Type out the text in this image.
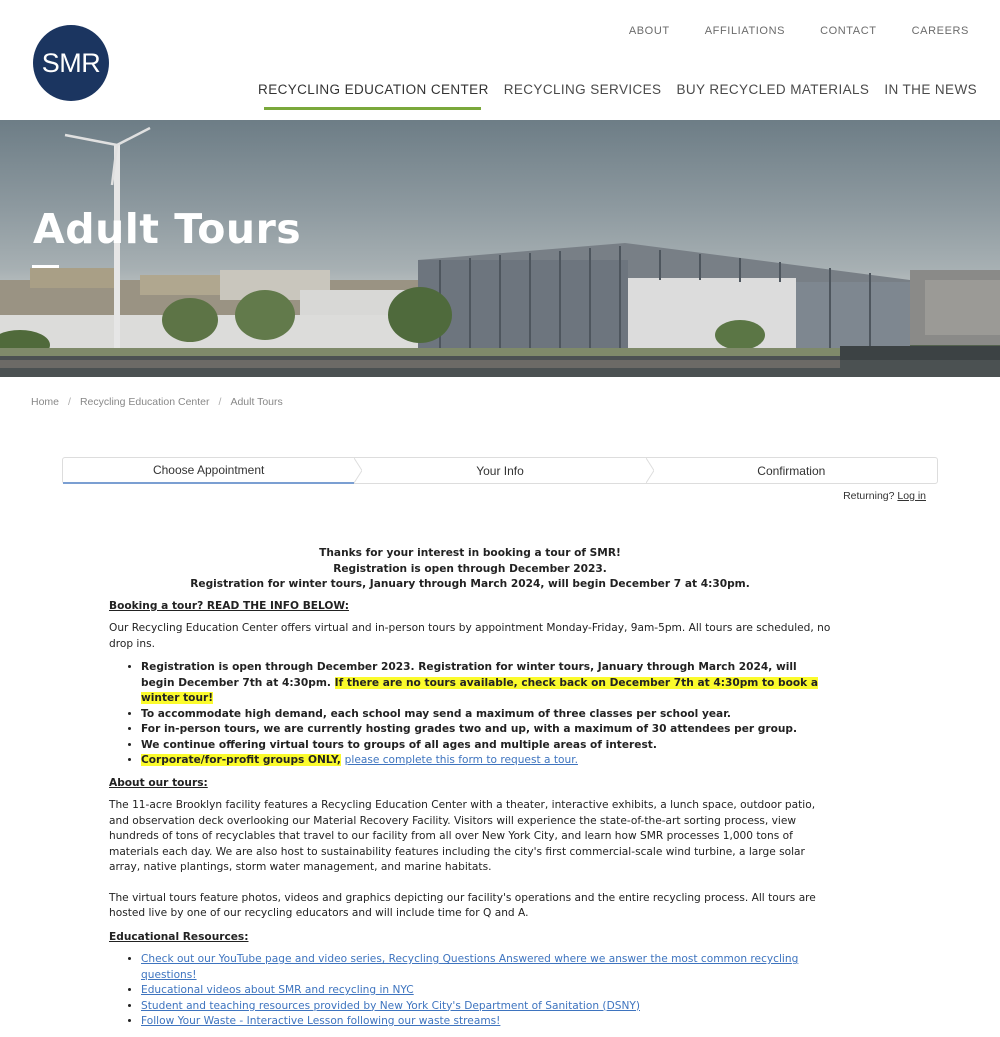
SMR
ABOUT	AFFILIATIONS	CONTACT	CAREERS
RECYCLING EDUCATION CENTER RECYCLING SERVICES BUY RECYCLED MATERIALS IN THE NEWS
Adult Tours
Home / Recycling Education Center / Adult Tours
Choose Appointment	Your Info	Confirmation
Returning? Log in

Thanks for your interest in booking a tour of SMR!

Registration is open through December 2023.

Registration for winter tours, January through March 2024, will begin December 7 at 4:30pm.

Booking a tour? READ THE INFO BELOW:

Our Recycling Education Center offers virtual and in-person tours by appointment Monday-Friday, 9am-5pm. All tours are scheduled, no drop ins.

• Registration is open through December 2023. Registration for winter tours, January through March 2024, will begin December 7th at 4:30pm. If there are no tours available, check back on December 7th at 4:30pm to book a winter tour!
• To accommodate high demand, each school may send a maximum of three classes per school year.
• For in-person tours, we are currently hosting grades two and up, with a maximum of 30 attendees per group.
• We continue offering virtual tours to groups of all ages and multiple areas of interest.
• Corporate/for-profit groups ONLY, please complete this form to request a tour.

About our tours:

The 11-acre Brooklyn facility features a Recycling Education Center with a theater, interactive exhibits, a lunch space, outdoor patio, and observation deck overlooking our Material Recovery Facility. Visitors will experience the state-of-the-art sorting process, view hundreds of tons of recyclables that travel to our facility from all over New York City, and learn how SMR processes 1,000 tons of materials each day. We are also host to sustainability features including the city's first commercial-scale wind turbine, a large solar array, native plantings, storm water management, and marine habitats.

The virtual tours feature photos, videos and graphics depicting our facility's operations and the entire recycling process. All tours are hosted live by one of our recycling educators and will include time for Q and A.

Educational Resources:

• Check out our YouTube page and video series, Recycling Questions Answered where we answer the most common recycling questions!
• Educational videos about SMR and recycling in NYC
• Student and teaching resources provided by New York City's Department of Sanitation (DSNY)
• Follow Your Waste - Interactive Lesson following our waste streams!
